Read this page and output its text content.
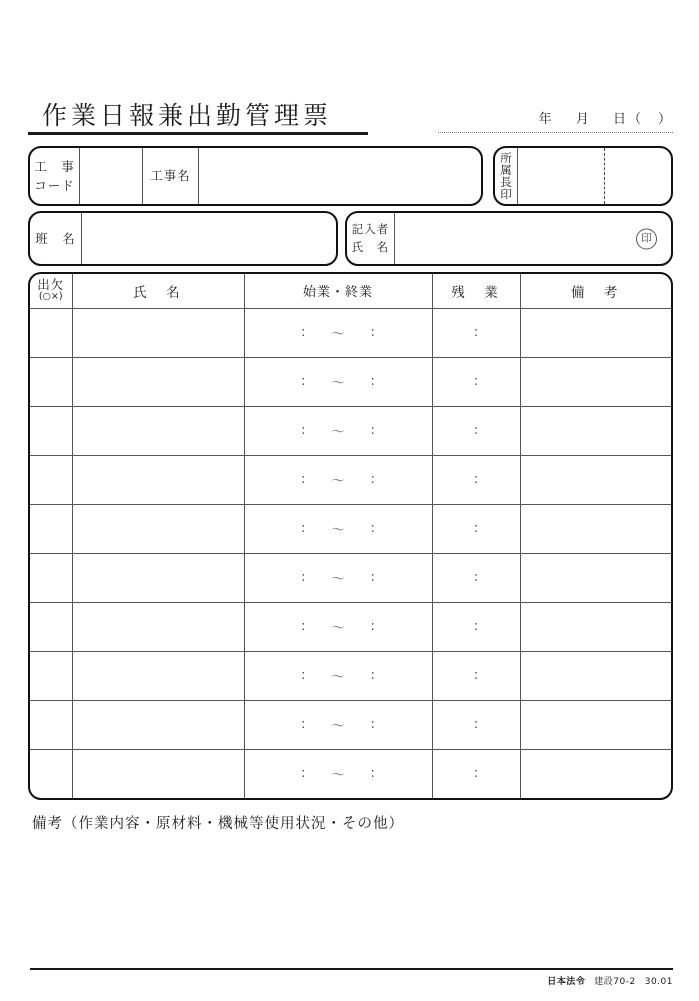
作業日報兼出勤管理票	年 月 日（　）
工　事
コード
工事名	所属長印
班　名
記入者
氏　名
印
出欠
(○×)	氏　名	始業・終業	残　業	備　考

		: 〜 :	:	

		: 〜 :	:	

		: 〜 :	:	

		: 〜 :	:	

		: 〜 :	:	

		: 〜 :	:	

		: 〜 :	:	

		: 〜 :	:	

		: 〜 :	:	

		: 〜 :	:	

備考（作業内容・原材料・機械等使用状況・その他）
日本法令 建設70-2 30.01
